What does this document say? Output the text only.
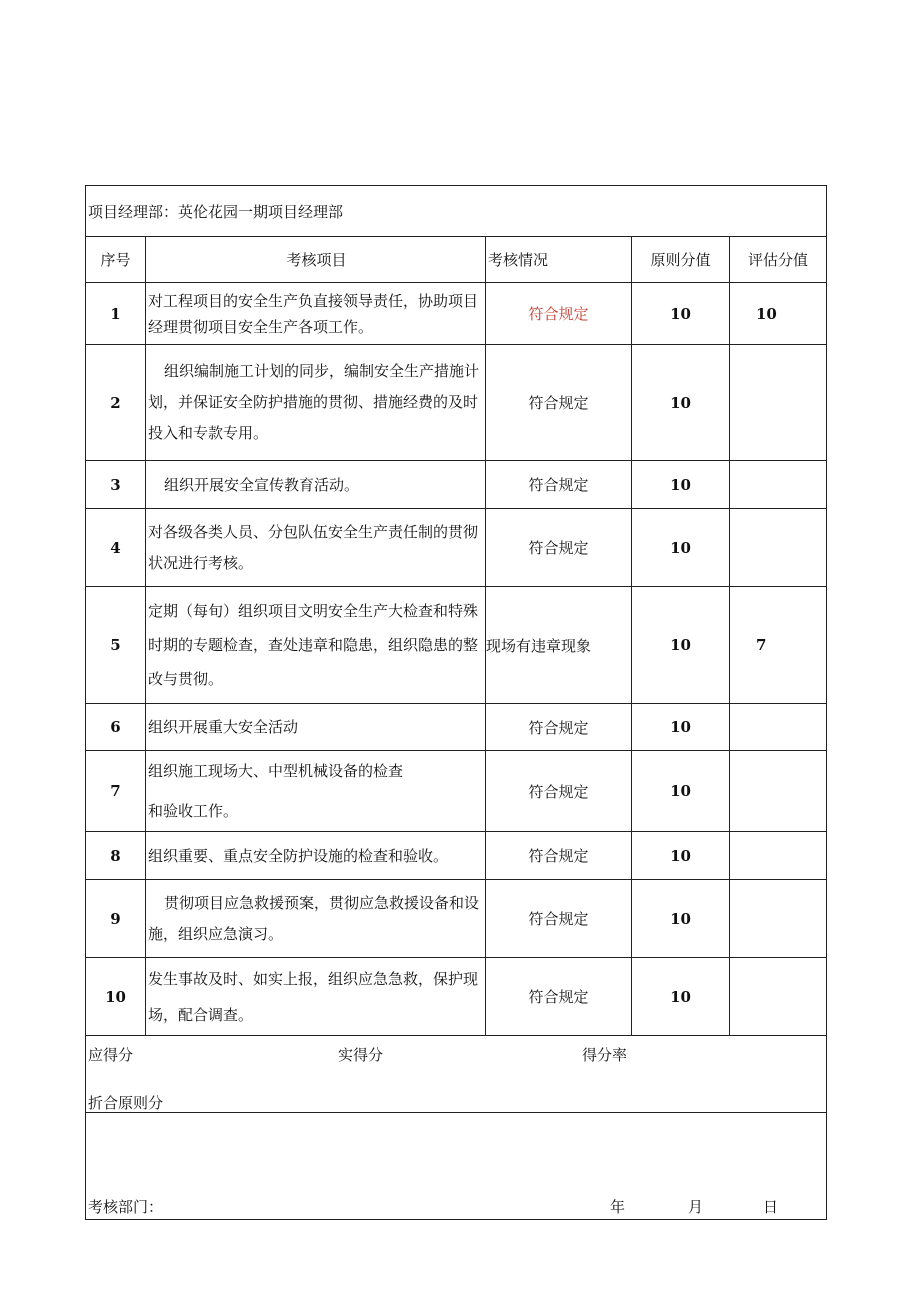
项目经理部：英伦花园一期项目经理部				
序号	考核项目	考核情况	原则分值	评估分值
1	对工程项目的安全生产负直接领导责任，协助项目经理贯彻项目安全生产各项工作。	符合规定	10	10
2	组织编制施工计划的同步，编制安全生产措施计划，并保证安全防护措施的贯彻、措施经费的及时投入和专款专用。	符合规定	10	
3	组织开展安全宣传教育活动。	符合规定	10	
4	对各级各类人员、分包队伍安全生产责任制的贯彻状况进行考核。	符合规定	10	
5	定期（每旬）组织项目文明安全生产大检查和特殊时期的专题检查，查处违章和隐患，组织隐患的整改与贯彻。	现场有违章现象	10	7
6	组织开展重大安全活动	符合规定	10	
7	组织施工现场大、中型机械设备的检查和验收工作。	符合规定	10	
8	组织重要、重点安全防护设施的检查和验收。	符合规定	10	
9	贯彻项目应急救援预案，贯彻应急救援设备和设施，组织应急演习。	符合规定	10	
10	发生事故及时、如实上报，组织应急急救，保护现场，配合调查。	符合规定	10	

应得分 实得分 得分率
折合原则分				

考核部门： 年 月 日				
